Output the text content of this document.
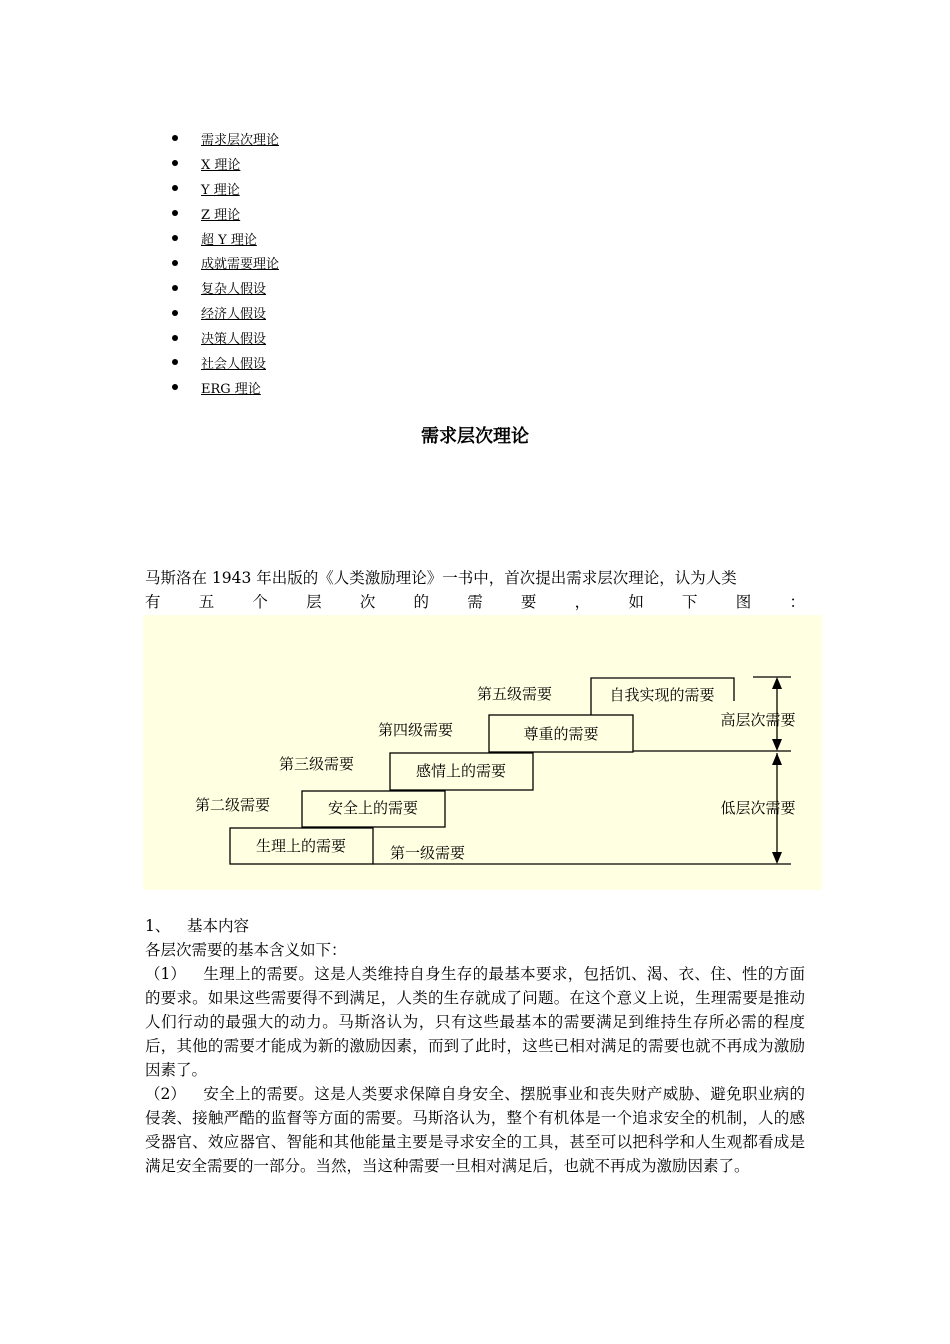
需求层次理论
X 理论
Y 理论
Z 理论
超 Y 理论
成就需要理论
复杂人假设
经济人假设
决策人假设
社会人假设
ERG 理论
需求层次理论
马斯洛在 1943 年出版的《人类激励理论》一书中，首次提出需求层次理论，认为人类
有 五 个 层 次 的 需 要 ， 如 下 图 ：
生理上的需要
安全上的需要
感情上的需要
尊重的需要
自我实现的需要
第一级需要
第二级需要
第三级需要
第四级需要
第五级需要
高层次需要
低层次需要

1、 基本内容

各层次需要的基本含义如下：

（1） 生理上的需要。这是人类维持自身生存的最基本要求，包括饥、渴、衣、住、性的方面的要求。如果这些需要得不到满足，人类的生存就成了问题。在这个意义上说，生理需要是推动人们行动的最强大的动力。马斯洛认为，只有这些最基本的需要满足到维持生存所必需的程度后，其他的需要才能成为新的激励因素，而到了此时，这些已相对满足的需要也就不再成为激励因素了。

（2） 安全上的需要。这是人类要求保障自身安全、摆脱事业和丧失财产威胁、避免职业病的侵袭、接触严酷的监督等方面的需要。马斯洛认为，整个有机体是一个追求安全的机制，人的感受器官、效应器官、智能和其他能量主要是寻求安全的工具，甚至可以把科学和人生观都看成是满足安全需要的一部分。当然，当这种需要一旦相对满足后，也就不再成为激励因素了。
